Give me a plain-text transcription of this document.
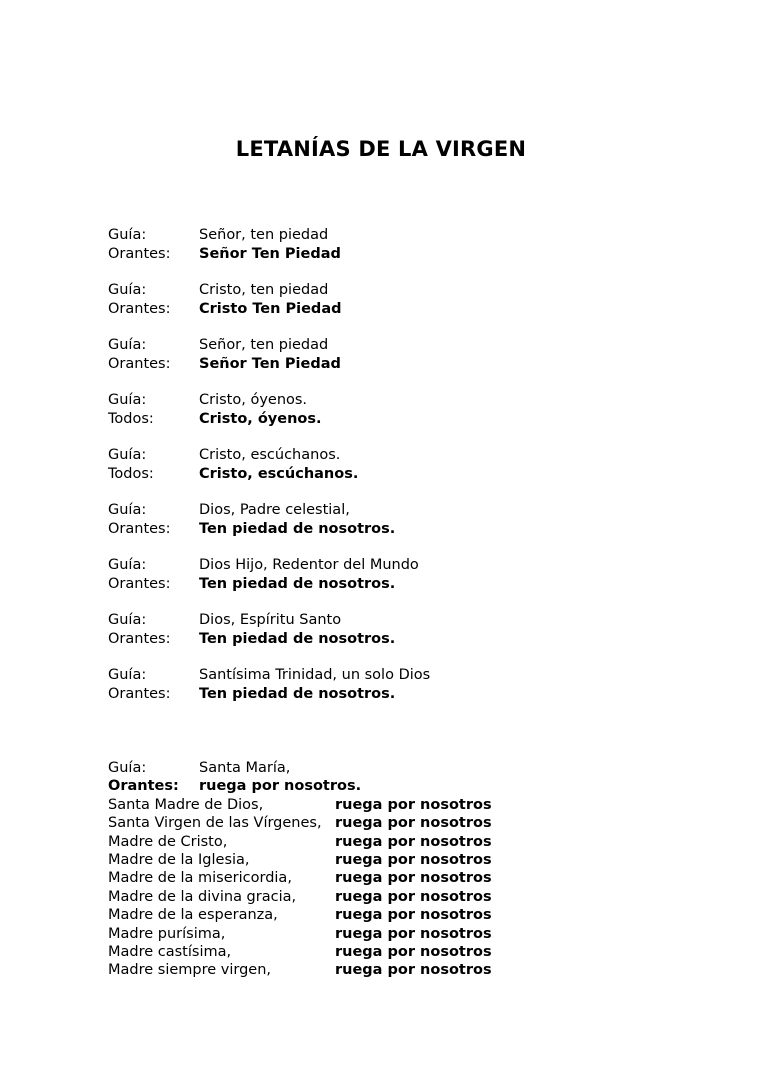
LETANÍAS DE LA VIRGEN
Guía:	Señor, ten piedad
Orantes: Señor Ten Piedad
Guía:	Cristo, ten piedad
Orantes: Cristo Ten Piedad
Guía:	Señor, ten piedad
Orantes: Señor Ten Piedad
Guía:	Cristo, óyenos.
Todos:	Cristo, óyenos.
Guía:	Cristo, escúchanos.
Todos:	Cristo, escúchanos.
Guía:	Dios, Padre celestial,
Orantes: Ten piedad de nosotros.
Guía:	Dios Hijo, Redentor del Mundo
Orantes: Ten piedad de nosotros.
Guía:	Dios, Espíritu Santo
Orantes: Ten piedad de nosotros.
Guía:	Santísima Trinidad, un solo Dios
Orantes: Ten piedad de nosotros.
Guía:	Santa María,
Orantes: ruega por nosotros.
Santa Madre de Dios,	ruega por nosotros
Santa Virgen de las Vírgenes, ruega por nosotros
Madre de Cristo,	ruega por nosotros
Madre de la Iglesia,	ruega por nosotros
Madre de la misericordia,	ruega por nosotros
Madre de la divina gracia,	ruega por nosotros
Madre de la esperanza,	ruega por nosotros
Madre purísima,	ruega por nosotros
Madre castísima,	ruega por nosotros
Madre siempre virgen,	ruega por nosotros
